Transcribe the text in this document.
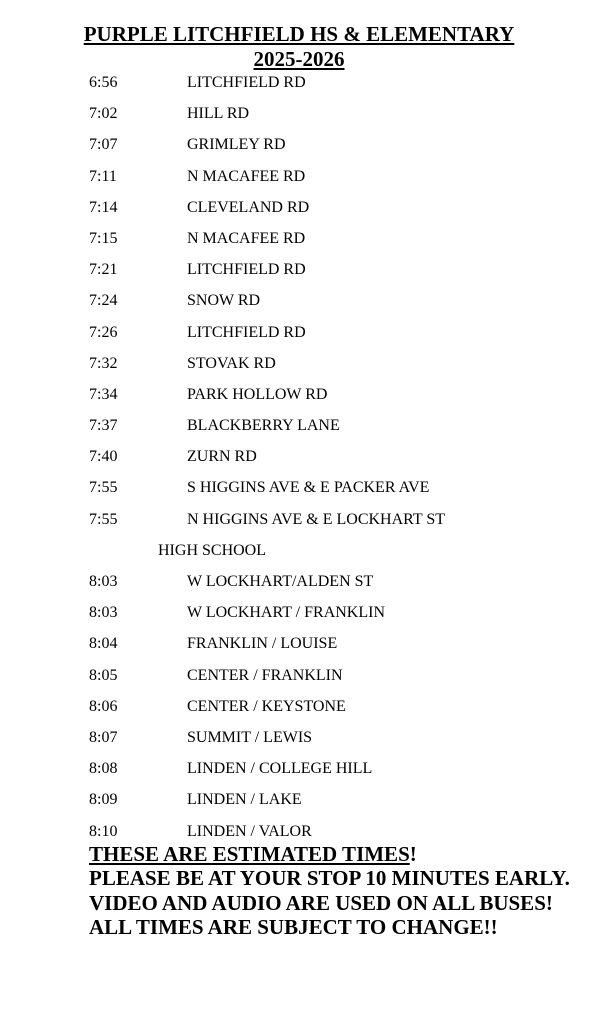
PURPLE LITCHFIELD HS & ELEMENTARY
2025-2026
6:56	LITCHFIELD RD
7:02	HILL RD
7:07	GRIMLEY RD
7:11	N MACAFEE RD
7:14	CLEVELAND RD
7:15	N MACAFEE RD
7:21	LITCHFIELD RD
7:24	SNOW RD
7:26	LITCHFIELD RD
7:32	STOVAK RD
7:34	PARK HOLLOW RD
7:37	BLACKBERRY LANE
7:40	ZURN RD
7:55	S HIGGINS AVE & E PACKER AVE
7:55	N HIGGINS AVE & E LOCKHART ST
HIGH SCHOOL
8:03	W LOCKHART/ALDEN ST
8:03	W LOCKHART / FRANKLIN
8:04	FRANKLIN / LOUISE
8:05	CENTER / FRANKLIN
8:06	CENTER / KEYSTONE
8:07	SUMMIT / LEWIS
8:08	LINDEN / COLLEGE HILL
8:09	LINDEN / LAKE
8:10	LINDEN / VALOR
THESE ARE ESTIMATED TIMES!
PLEASE BE AT YOUR STOP 10 MINUTES EARLY.
VIDEO AND AUDIO ARE USED ON ALL BUSES!
ALL TIMES ARE SUBJECT TO CHANGE!!
